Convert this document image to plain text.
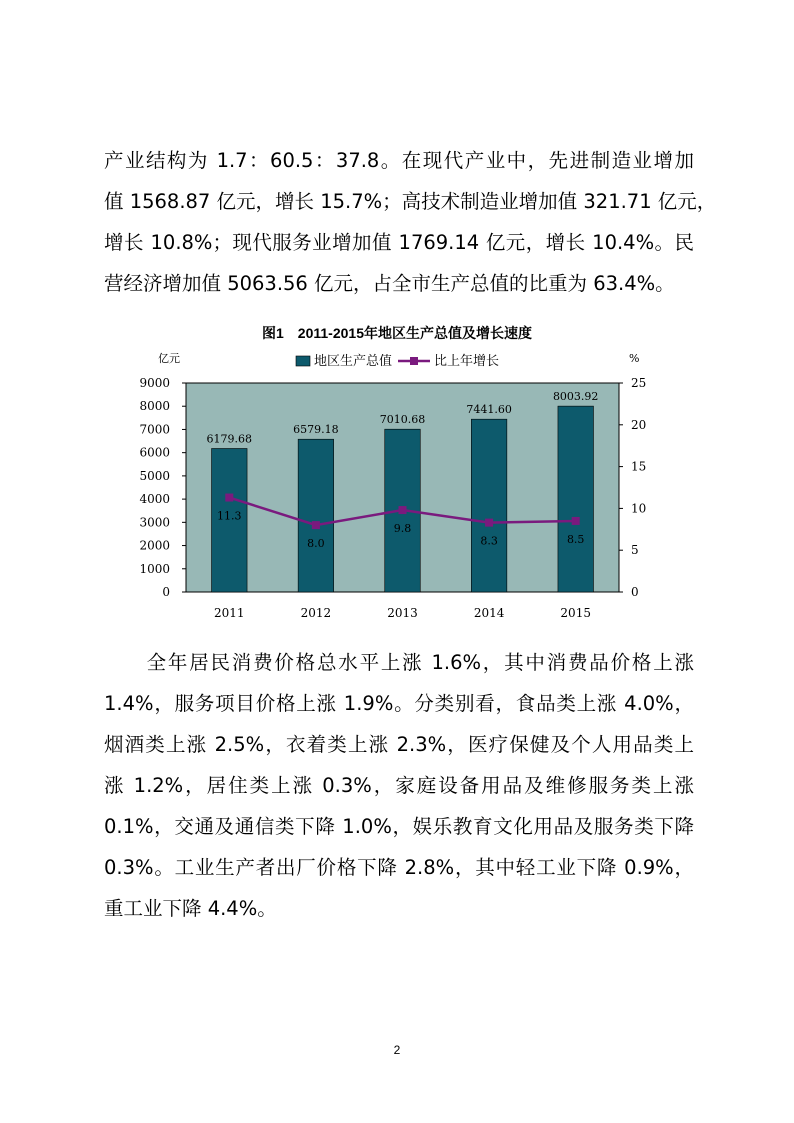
产业结构为 1.7：60.5：37.8。在现代产业中，先进制造业增加
值 1568.87 亿元，增长 15.7%；高技术制造业增加值 321.71 亿元，
增长 10.8%；现代服务业增加值 1769.14 亿元，增长 10.4%。民
营经济增加值 5063.56 亿元，占全市生产总值的比重为 63.4%。
图1　2011-2015年地区生产总值及增长速度
0
1000
2000
3000
4000
5000
6000
7000
8000
9000
0
5
10
15
20
25
亿元	%
6179.68
6579.18
7010.68
7441.60
8003.92
2011	2012	2013	2014	2015
11.3
8.0
9.8
8.3	8.5
地区生产总值	比上年增长
　　全年居民消费价格总水平上涨 1.6%，其中消费品价格上涨
1.4%，服务项目价格上涨 1.9%。分类别看，食品类上涨 4.0%，
烟酒类上涨 2.5%，衣着类上涨 2.3%，医疗保健及个人用品类上
涨 1.2%，居住类上涨 0.3%，家庭设备用品及维修服务类上涨
0.1%，交通及通信类下降 1.0%，娱乐教育文化用品及服务类下降
0.3%。工业生产者出厂价格下降 2.8%，其中轻工业下降 0.9%，
重工业下降 4.4%。
2
